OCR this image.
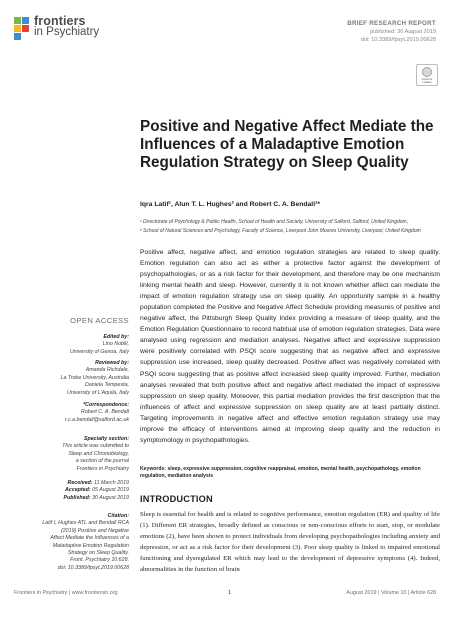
frontiers
in Psychiatry
BRIEF RESEARCH REPORT
published: 30 August 2019
doi: 10.3389/fpsyt.2019.00628
Check for updates
Positive and Negative Affect Mediate the Influences of a Maladaptive Emotion Regulation Strategy on Sleep Quality
Iqra Latif¹, Alun T. L. Hughes² and Robert C. A. Bendall¹*
¹ Directorate of Psychology & Public Health, School of Health and Society, University of Salford, Salford, United Kingdom,
² School of Natural Sciences and Psychology, Faculty of Science, Liverpool John Moores University, Liverpool, United Kingdom
Positive affect, negative affect, and emotion regulation strategies are related to sleep quality. Emotion regulation can also act as either a protective factor against the development of psychopathologies, or as a risk factor for their development, and therefore may be one mechanism linking mental health and sleep. However, currently it is not known whether affect can mediate the impact of emotion regulation strategy use on sleep quality. An opportunity sample in a healthy population completed the Positive and Negative Affect Schedule providing measures of positive and negative affect, the Pittsburgh Sleep Quality Index providing a measure of sleep quality, and the Emotion Regulation Questionnaire to record habitual use of emotion regulation strategies. Data were analysed using regression and mediation analyses. Negative affect and expressive suppression were positively correlated with PSQI score suggesting that as negative affect and expressive suppression use increased, sleep quality decreased. Positive affect was negatively correlated with PSQI score suggesting that as positive affect increased sleep quality improved. Further, mediation analyses revealed that both positive affect and negative affect mediated the impact of expressive suppression on sleep quality. Moreover, this partial mediation provides the first description that the influences of affect and expressive suppression on sleep quality are at least partially distinct. Targeting improvements in negative affect and effective emotion regulation strategy use may improve the efficacy of interventions aimed at improving sleep quality and the reduction in symptomology in psychopathologies.
Keywords: sleep, expressive suppression, cognitive reappraisal, emotion, mental health, psychopathology, emotion regulation, mediation analysis
INTRODUCTION
Sleep is essential for health and is related to cognitive performance, emotion regulation (ER) and quality of life (1). Different ER strategies, broadly defined as conscious or non-conscious efforts to start, stop, or modulate emotions (2), have been shown to protect individuals from developing psychopathologies including anxiety and depression, or act as a risk factor for their development (3). Poor sleep quality is linked to impaired emotional functioning and dysregulated ER which may lead to the development of depressive symptoms (4). Indeed, abnormalities in the function of brain
OPEN ACCESS
Edited by:
Lino Nobili,
University of Genoa, Italy
Reviewed by:
Amanda Richdale,
La Trobe University, Australia
Daniela Tempesta,
University of L'Aquila, Italy
*Correspondence:
Robert C. A. Bendall
r.c.a.bendall@salford.ac.uk
Specialty section:
This article was submitted to
Sleep and Chronobiology,
a section of the journal
Frontiers in Psychiatry
Received: 11 March 2019
Accepted: 05 August 2019
Published: 30 August 2019
Citation:
Latif I, Hughes ATL and Bendall RCA
(2019) Positive and Negative
Affect Mediate the Influences of a
Maladaptive Emotion Regulation
Strategy on Sleep Quality.
Front. Psychiatry 10:628.
doi: 10.3389/fpsyt.2019.00628
Frontiers in Psychiatry | www.frontiersin.org	1	August 2019 | Volume 10 | Article 628
